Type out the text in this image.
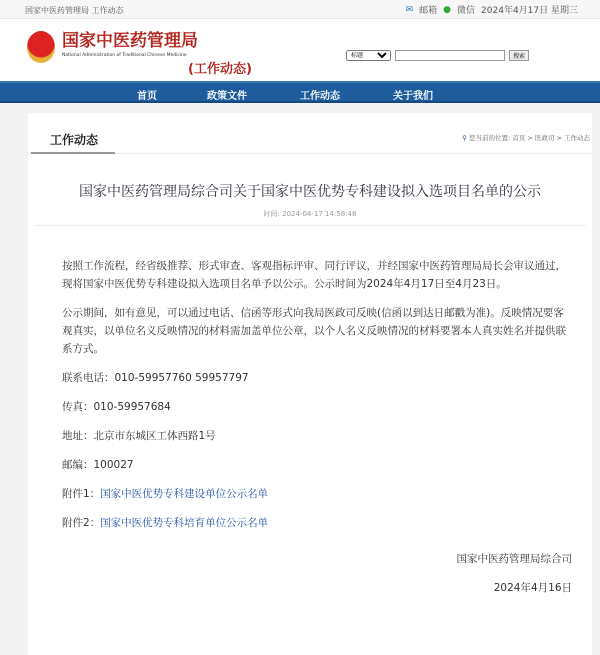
国家中医药管理局 工作动态	✉ 邮箱 ● 微信 2024年4月17日 星期三
国家中医药管理局
National Administration of Traditional Chinese Medicine
(工作动态)
标题
搜索
首页	政策文件	工作动态	关于我们
工作动态	⚲ 您当前的位置: 首页 > 医政司 > 工作动态
国家中医药管理局综合司关于国家中医优势专科建设拟入选项目名单的公示
时间: 2024-04-17 14:58:48

按照工作流程，经省级推荐、形式审查、客观指标评审、同行评议，并经国家中医药管理局局长会审议通过，现将国家中医优势专科建设拟入选项目名单予以公示。公示时间为2024年4月17日至4月23日。

公示期间，如有意见，可以通过电话、信函等形式向我局医政司反映(信函以到达日邮戳为准)。反映情况要客观真实，以单位名义反映情况的材料需加盖单位公章，以个人名义反映情况的材料要署本人真实姓名并提供联系方式。

联系电话：010-59957760 59957797

传真：010-59957684

地址：北京市东城区工体西路1号

邮编：100027

附件1：国家中医优势专科建设单位公示名单

附件2：国家中医优势专科培育单位公示名单

国家中医药管理局综合司

2024年4月16日
